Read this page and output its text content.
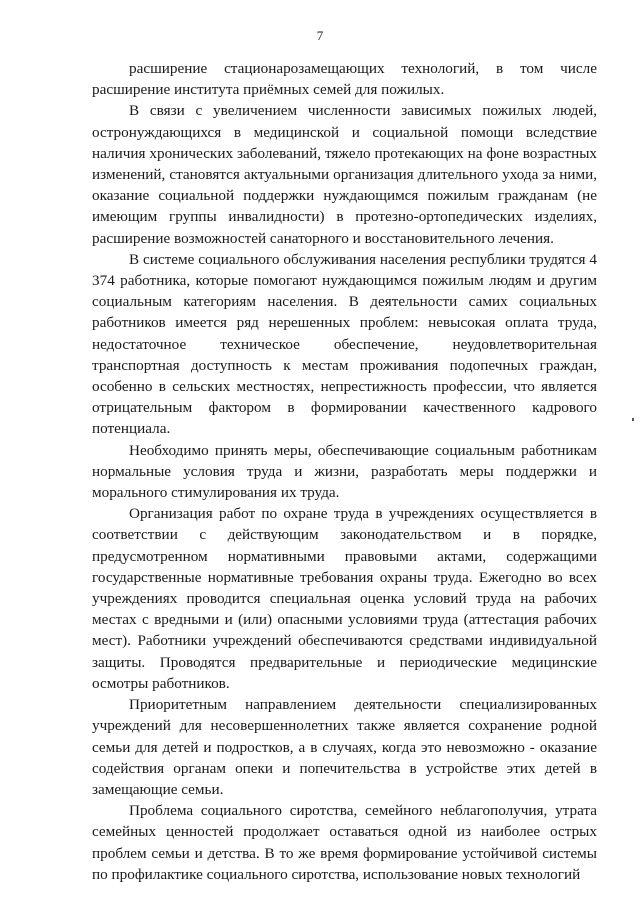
7

расширение стационарозамещающих технологий, в том числе расширение института приёмных семей для пожилых.

В связи с увеличением численности зависимых пожилых людей, остронуждающихся в медицинской и социальной помощи вследствие наличия хронических заболеваний, тяжело протекающих на фоне возрастных изменений, становятся актуальными организация длительного ухода за ними, оказание социальной поддержки нуждающимся пожилым гражданам (не имеющим группы инвалидности) в протезно-ортопедических изделиях, расширение возможностей санаторного и восстановительного лечения.

В системе социального обслуживания населения республики трудятся 4 374 работника, которые помогают нуждающимся пожилым людям и другим социальным категориям населения. В деятельности самих социальных работников имеется ряд нерешенных проблем: невысокая оплата труда, недостаточное техническое обеспечение, неудовлетворительная транспортная доступность к местам проживания подопечных граждан, особенно в сельских местностях, непрестижность профессии, что является отрицательным фактором в формировании качественного кадрового потенциала.

Необходимо принять меры, обеспечивающие социальным работникам нормальные условия труда и жизни, разработать меры поддержки и морального стимулирования их труда.

Организация работ по охране труда в учреждениях осуществляется в соответствии с действующим законодательством и в порядке, предусмотренном нормативными правовыми актами, содержащими государственные нормативные требования охраны труда. Ежегодно во всех учреждениях проводится специальная оценка условий труда на рабочих местах с вредными и (или) опасными условиями труда (аттестация рабочих мест). Работники учреждений обеспечиваются средствами индивидуальной защиты. Проводятся предварительные и периодические медицинские осмотры работников.

Приоритетным направлением деятельности специализированных учреждений для несовершеннолетних также является сохранение родной семьи для детей и подростков, а в случаях, когда это невозможно - оказание содействия органам опеки и попечительства в устройстве этих детей в замещающие семьи.

Проблема социального сиротства, семейного неблагополучия, утрата семейных ценностей продолжает оставаться одной из наиболее острых проблем семьи и детства. В то же время формирование устойчивой системы по профилактике социального сиротства, использование новых технологий
